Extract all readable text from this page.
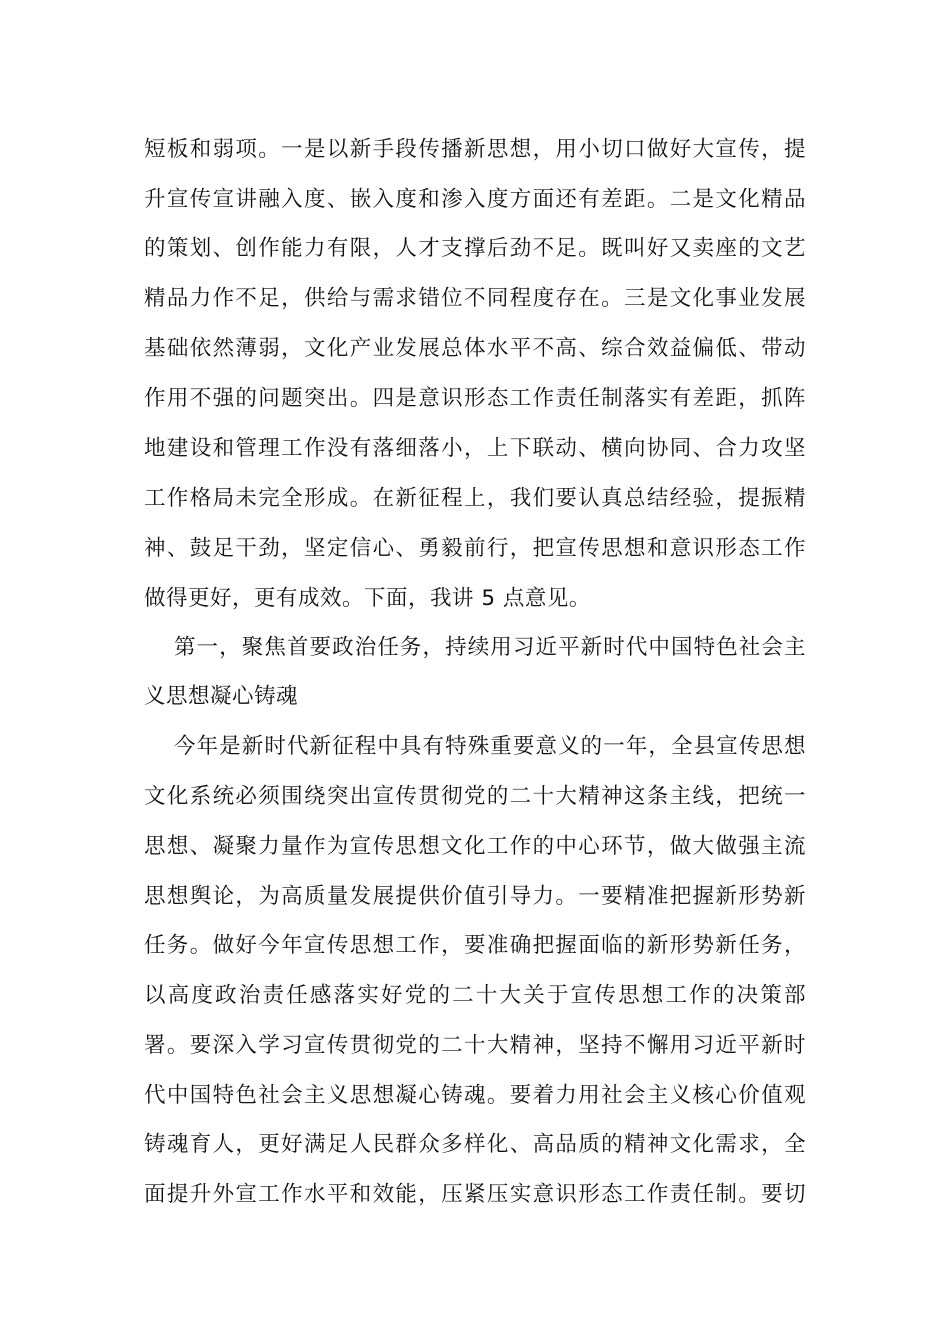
短板和弱项。一是以新手段传播新思想，用小切口做好大宣传，提
升宣传宣讲融入度、嵌入度和渗入度方面还有差距。二是文化精品
的策划、创作能力有限，人才支撑后劲不足。既叫好又卖座的文艺
精品力作不足，供给与需求错位不同程度存在。三是文化事业发展
基础依然薄弱，文化产业发展总体水平不高、综合效益偏低、带动
作用不强的问题突出。四是意识形态工作责任制落实有差距，抓阵
地建设和管理工作没有落细落小，上下联动、横向协同、合力攻坚
工作格局未完全形成。在新征程上，我们要认真总结经验，提振精
神、鼓足干劲，坚定信心、勇毅前行，把宣传思想和意识形态工作
做得更好，更有成效。下面，我讲 5 点意见。
第一，聚焦首要政治任务，持续用习近平新时代中国特色社会主
义思想凝心铸魂
今年是新时代新征程中具有特殊重要意义的一年，全县宣传思想
文化系统必须围绕突出宣传贯彻党的二十大精神这条主线，把统一
思想、凝聚力量作为宣传思想文化工作的中心环节，做大做强主流
思想舆论，为高质量发展提供价值引导力。一要精准把握新形势新
任务。做好今年宣传思想工作，要准确把握面临的新形势新任务，
以高度政治责任感落实好党的二十大关于宣传思想工作的决策部
署。要深入学习宣传贯彻党的二十大精神，坚持不懈用习近平新时
代中国特色社会主义思想凝心铸魂。要着力用社会主义核心价值观
铸魂育人，更好满足人民群众多样化、高品质的精神文化需求，全
面提升外宣工作水平和效能，压紧压实意识形态工作责任制。要切
